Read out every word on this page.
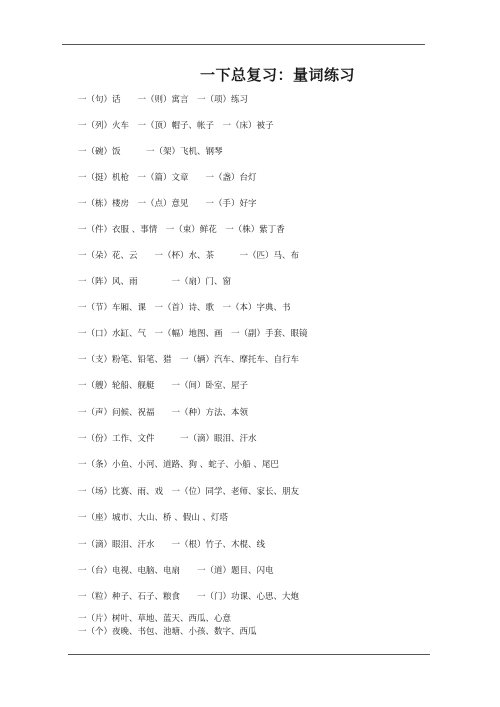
一下总复习：量词练习
一（句）话　　一（则）寓言　一（项）练习
一（列）火车　一（顶）帽子、帐子　一（床）被子
一（碗）饭　　　一（架）飞机、钢琴
一（挺）机枪　一（篇）文章　　一（盏）台灯
一（栋）楼房　一（点）意见　　一（手）好字
一（件）衣服 、事情　一（束）鲜花　一（株）紫丁香
一（朵）花、云　　一（杯）水、茶　　　一（匹）马、布
一（阵）风、雨　　　　一（扇）门、窗
一（节）车厢、课　一（首）诗、歌　一（本）字典、书
一（口）水缸、气　一（幅）地图、画　一（副）手套、眼镜
一（支）粉笔、铅笔、猎　一（辆）汽车、摩托车、自行车
一（艘）轮船、舰艇　　一（间）卧室、屋子
一（声）问候、祝福　　一（种）方法、本领
一（份）工作、文件　　　一（滴）眼泪、汗水
一（条）小鱼、小河、道路、狗 、蛇子、小船 、尾巴
一（场）比赛、雨、戏　一（位）同学、老师、家长、朋友
一（座）城市、大山、桥 、假山 、灯塔
一（滴）眼泪、汗水　　一（根）竹子、木棍、线
一（台）电视、电脑、电扇　　一（道）题目、闪电
一（粒）种子、石子、粮食　　一（门）功课、心思、大炮
一（片）树叶、草地、蓝天、西瓜、心意
一（个）夜晚、书包、池塘、小孩、数字、西瓜
